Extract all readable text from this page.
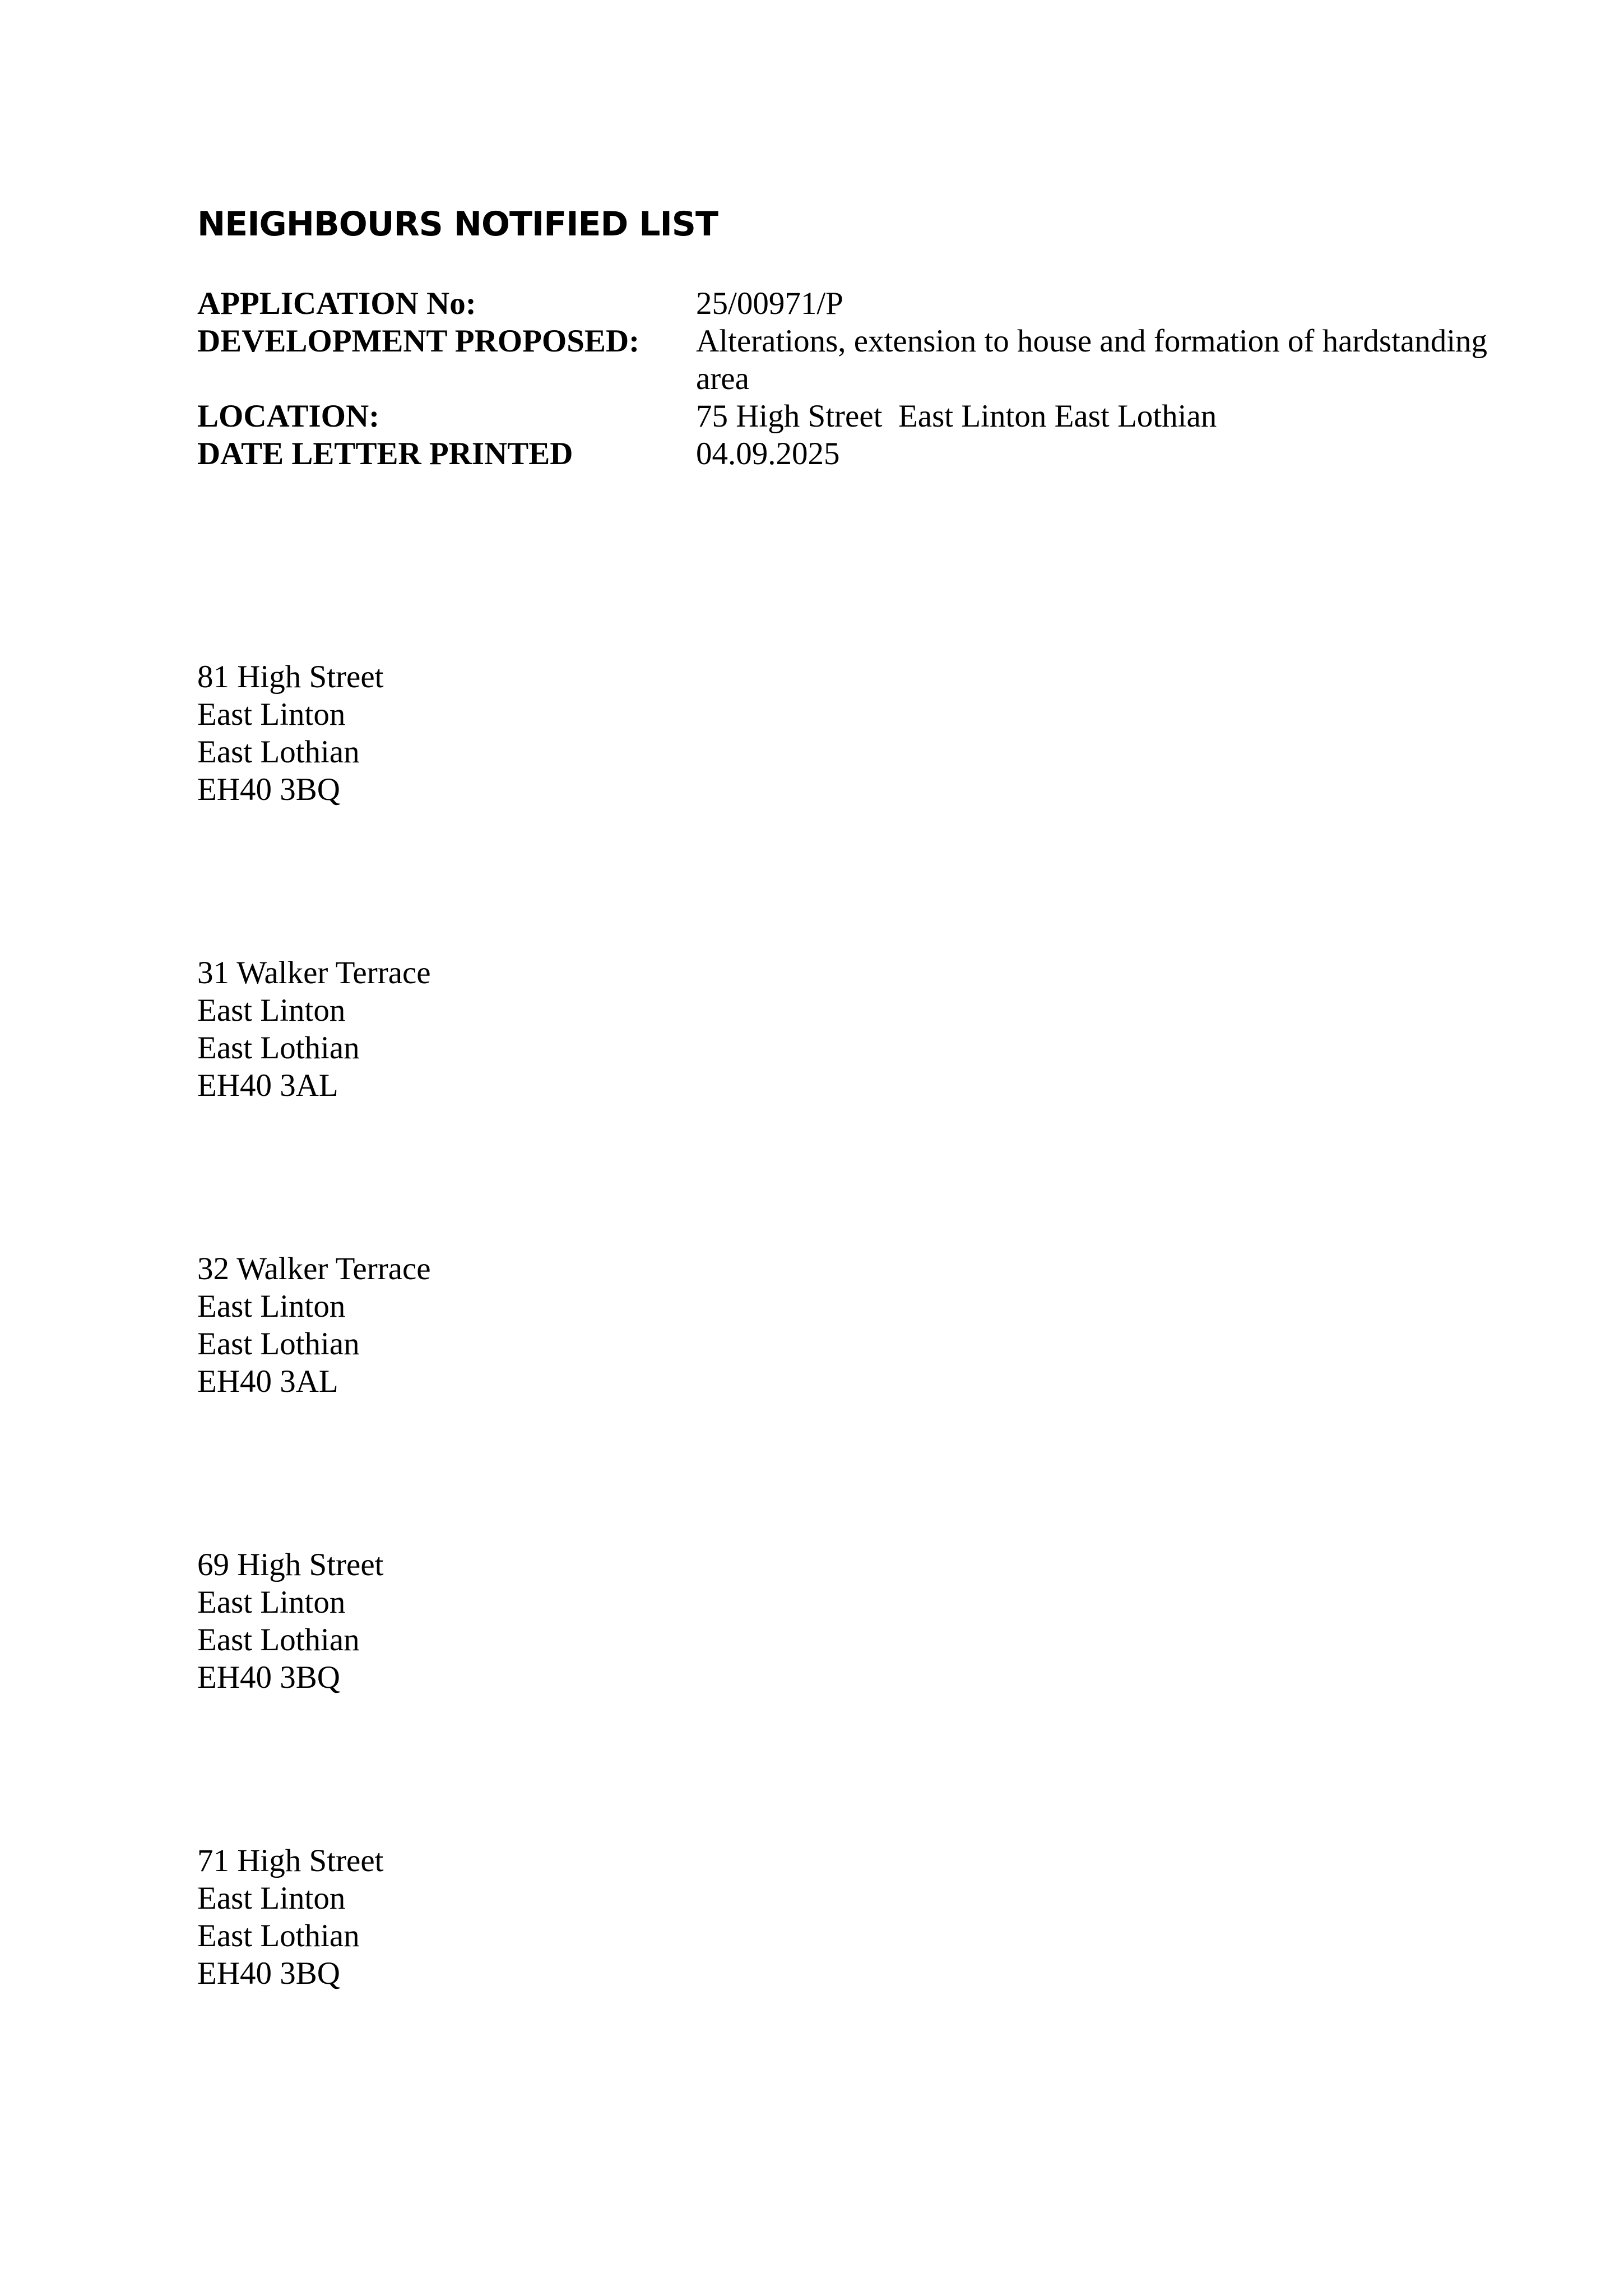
NEIGHBOURS NOTIFIED LIST
APPLICATION No:	25/00971/P
DEVELOPMENT PROPOSED:	Alterations, extension to house and formation of hardstanding area
LOCATION:	75 High Street  East Linton East Lothian
DATE LETTER PRINTED	04.09.2025
81 High Street
East Linton
East Lothian
EH40 3BQ
31 Walker Terrace
East Linton
East Lothian
EH40 3AL
32 Walker Terrace
East Linton
East Lothian
EH40 3AL
69 High Street
East Linton
East Lothian
EH40 3BQ
71 High Street
East Linton
East Lothian
EH40 3BQ
